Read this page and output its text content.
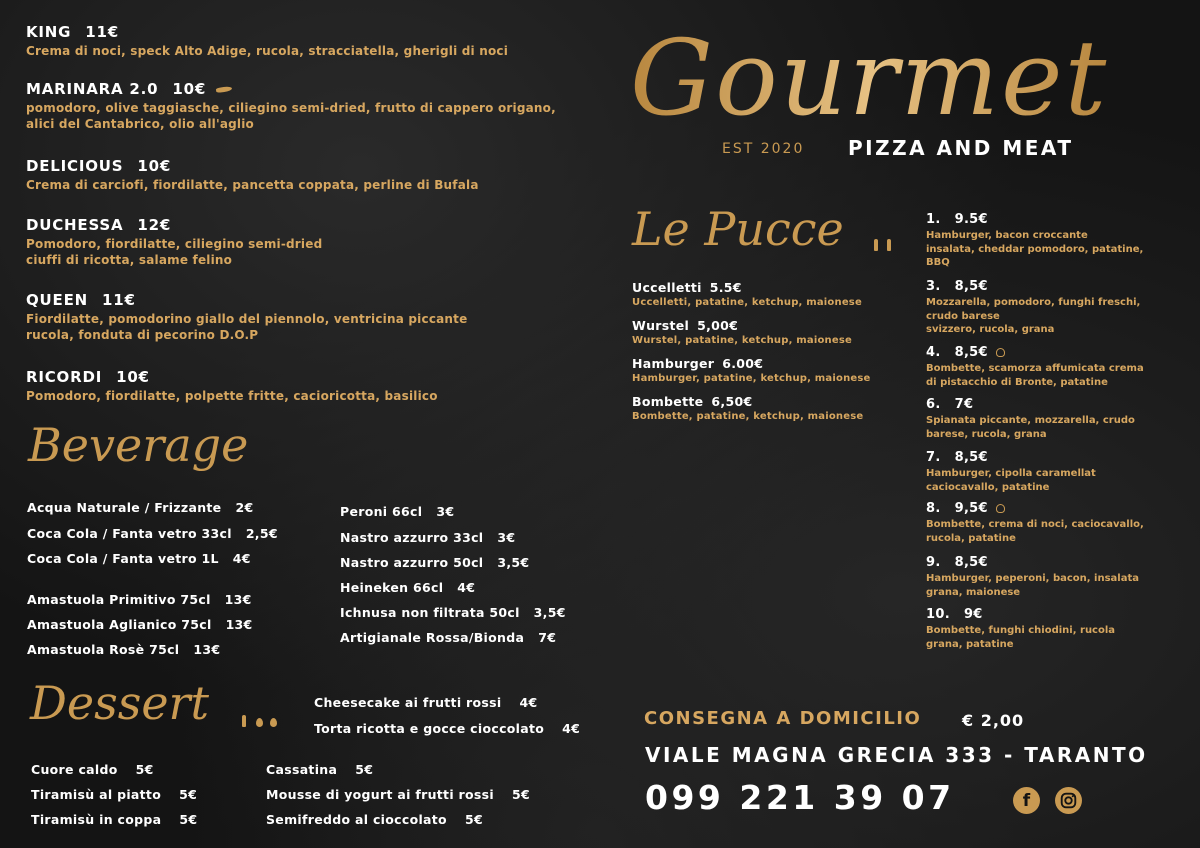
KING 11€
Crema di noci, speck Alto Adige, rucola, stracciatella, gherigli di noci
MARINARA 2.0 10€
pomodoro, olive taggiasche, ciliegino semi-dried, frutto di cappero origano,
alici del Cantabrico, olio all'aglio
DELICIOUS 10€
Crema di carciofi, fiordilatte, pancetta coppata, perline di Bufala
DUCHESSA 12€
Pomodoro, fiordilatte, ciliegino semi-dried
ciuffi di ricotta, salame felino
QUEEN 11€
Fiordilatte, pomodorino giallo del piennolo, ventricina piccante
rucola, fonduta di pecorino D.O.P
RICORDI 10€
Pomodoro, fiordilatte, polpette fritte, cacioricotta, basilico
Beverage
Acqua Naturale / Frizzante 2€
Coca Cola / Fanta vetro 33cl 2,5€
Coca Cola / Fanta vetro 1L 4€
Amastuola Primitivo 75cl 13€
Amastuola Aglianico 75cl 13€
Amastuola Rosè 75cl 13€
Peroni 66cl 3€
Nastro azzurro 33cl 3€
Nastro azzurro 50cl 3,5€
Heineken 66cl 4€
Ichnusa non filtrata 50cl 3,5€
Artigianale Rossa/Bionda 7€
Dessert
	Cheesecake ai frutti rossi 4€
Torta ricotta e gocce cioccolato 4€
Cuore caldo 5€
Tiramisù al piatto 5€
Tiramisù in coppa 5€
Cassatina 5€
Mousse di yogurt ai frutti rossi 5€
Semifreddo al cioccolato 5€
Gourmet
EST 2020 PIZZA AND MEAT
Le Pucce

Uccelletti 5.5€
Uccelletti, patatine, ketchup, maionese
Wurstel 5,00€
Wurstel, patatine, ketchup, maionese
Hamburger 6.00€
Hamburger, patatine, ketchup, maionese
Bombette 6,50€
Bombette, patatine, ketchup, maionese
1. 9.5€
Hamburger, bacon croccante
insalata, cheddar pomodoro, patatine,
BBQ
3. 8,5€
Mozzarella, pomodoro, funghi freschi,
crudo barese
svizzero, rucola, grana
4. 8,5€
Bombette, scamorza affumicata crema
di pistacchio di Bronte, patatine
6. 7€
Spianata piccante, mozzarella, crudo
barese, rucola, grana
7. 8,5€
Hamburger, cipolla caramellat
caciocavallo, patatine
8. 9,5€
Bombette, crema di noci, caciocavallo,
rucola, patatine
9. 8,5€
Hamburger, peperoni, bacon, insalata
grana, maionese
10. 9€
Bombette, funghi chiodini, rucola
grana, patatine
CONSEGNA A DOMICILIO	€ 2,00
VIALE MAGNA GRECIA 333 - TARANTO
099 221 39 07	f
